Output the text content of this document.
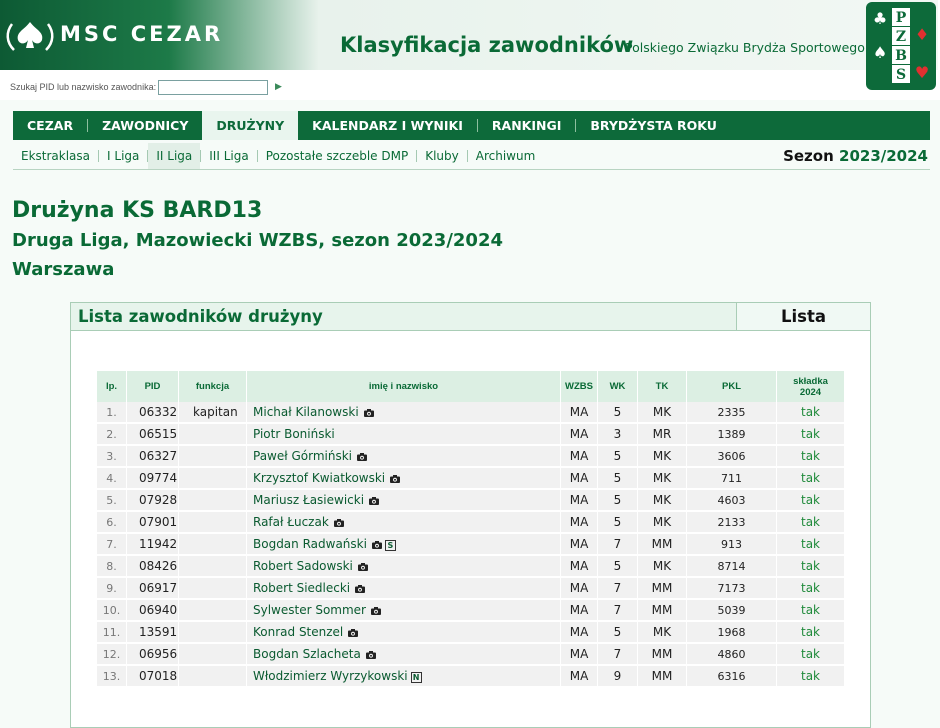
MSC CEZAR	Klasyfikacja zawodników
Polskiego Związku Brydża Sportowego
P
Z
B
S
♣
♦
♠
♥
Szukaj PID lub nazwisko zawodnika:	▶
CEZAR	ZAWODNICY	DRUŻYNY	KALENDARZ I WYNIKI	RANKINGI	BRYDŻYSTA ROKU
Ekstraklasa	I Liga	II Liga	III Liga	Pozostałe szczeble DMP	Kluby	Archiwum	Sezon 2023/2024
Drużyna KS BARD13
Druga Liga, Mazowiecki WZBS, sezon 2023/2024
Warszawa
Lista zawodników drużyny	Lista
lp.	PID	funkcja	imię i nazwisko	WZBS	WK	TK	PKL	składka
2024
1.	06332	kapitan	Michał Kilanowski	MA	5	MK	2335	tak
2.	06515		Piotr Boniński	MA	3	MR	1389	tak
3.	06327		Paweł Górmiński	MA	5	MK	3606	tak
4.	09774		Krzysztof Kwiatkowski	MA	5	MK	711	tak
5.	07928		Mariusz Łasiewicki	MA	5	MK	4603	tak
6.	07901		Rafał Łuczak	MA	5	MK	2133	tak
7.	11942		Bogdan Radwański S	MA	7	MM	913	tak
8.	08426		Robert Sadowski	MA	5	MK	8714	tak
9.	06917		Robert Siedlecki	MA	7	MM	7173	tak
10.	06940		Sylwester Sommer	MA	7	MM	5039	tak
11.	13591		Konrad Stenzel	MA	5	MK	1968	tak
12.	06956		Bogdan Szlacheta	MA	7	MM	4860	tak
13.	07018		Włodzimierz Wyrzykowski N	MA	9	MM	6316	tak
